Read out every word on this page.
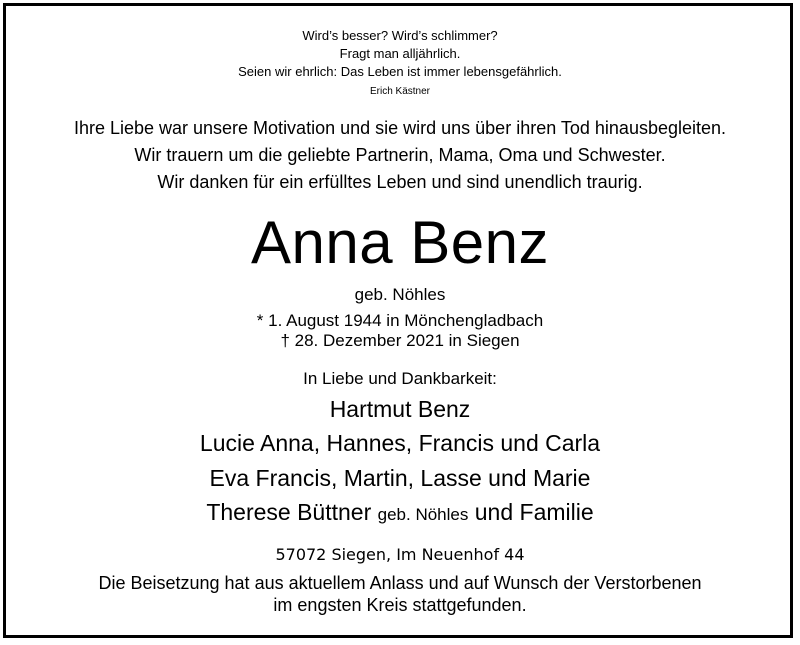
Wird’s besser? Wird’s schlimmer?
Fragt man alljährlich.
Seien wir ehrlich: Das Leben ist immer lebensgefährlich.
Erich Kästner
Ihre Liebe war unsere Motivation und sie wird uns über ihren Tod hinausbegleiten.
Wir trauern um die geliebte Partnerin, Mama, Oma und Schwester.
Wir danken für ein erfülltes Leben und sind unendlich traurig.
Anna Benz
geb. Nöhles
* 1. August 1944 in Mönchengladbach
† 28. Dezember 2021 in Siegen
In Liebe und Dankbarkeit:
Hartmut Benz
Lucie Anna, Hannes, Francis und Carla
Eva Francis, Martin, Lasse und Marie
Therese Büttner geb. Nöhles und Familie
57072 Siegen, Im Neuenhof 44
Die Beisetzung hat aus aktuellem Anlass und auf Wunsch der Verstorbenen
im engsten Kreis stattgefunden.
